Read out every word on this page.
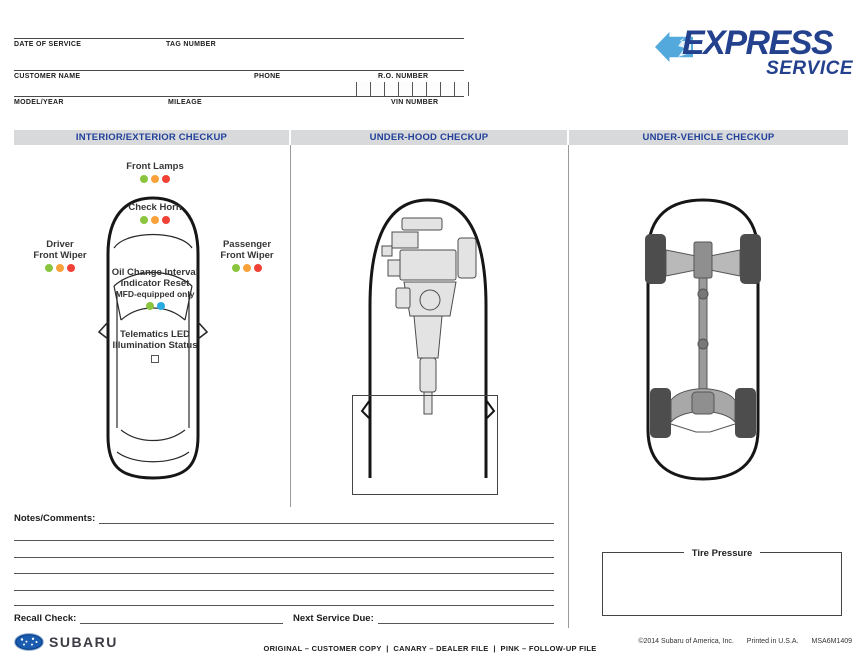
DATE OF SERVICE	TAG NUMBER
CUSTOMER NAME	PHONE	R.O. NUMBER
MODEL/YEAR	MILEAGE	VIN NUMBER
EXPRESS
SERVICE
INTERIOR/EXTERIOR CHECKUP	UNDER-HOOD CHECKUP	UNDER-VEHICLE CHECKUP
Front Lamps
Check Horn
Driver
Front Wiper
Passenger
Front Wiper
Oil Change Interval
Indicator Reset
MFD-equipped only
Telematics LED
Illumination Status
Tire Pressure
Notes/Comments:
Recall Check:	Next Service Due:
SUBARU	ORIGINAL – CUSTOMER COPY  |  CANARY – DEALER FILE  |  PINK – FOLLOW-UP FILE
©2014 Subaru of America, Inc. Printed in U.S.A. MSA6M1409
